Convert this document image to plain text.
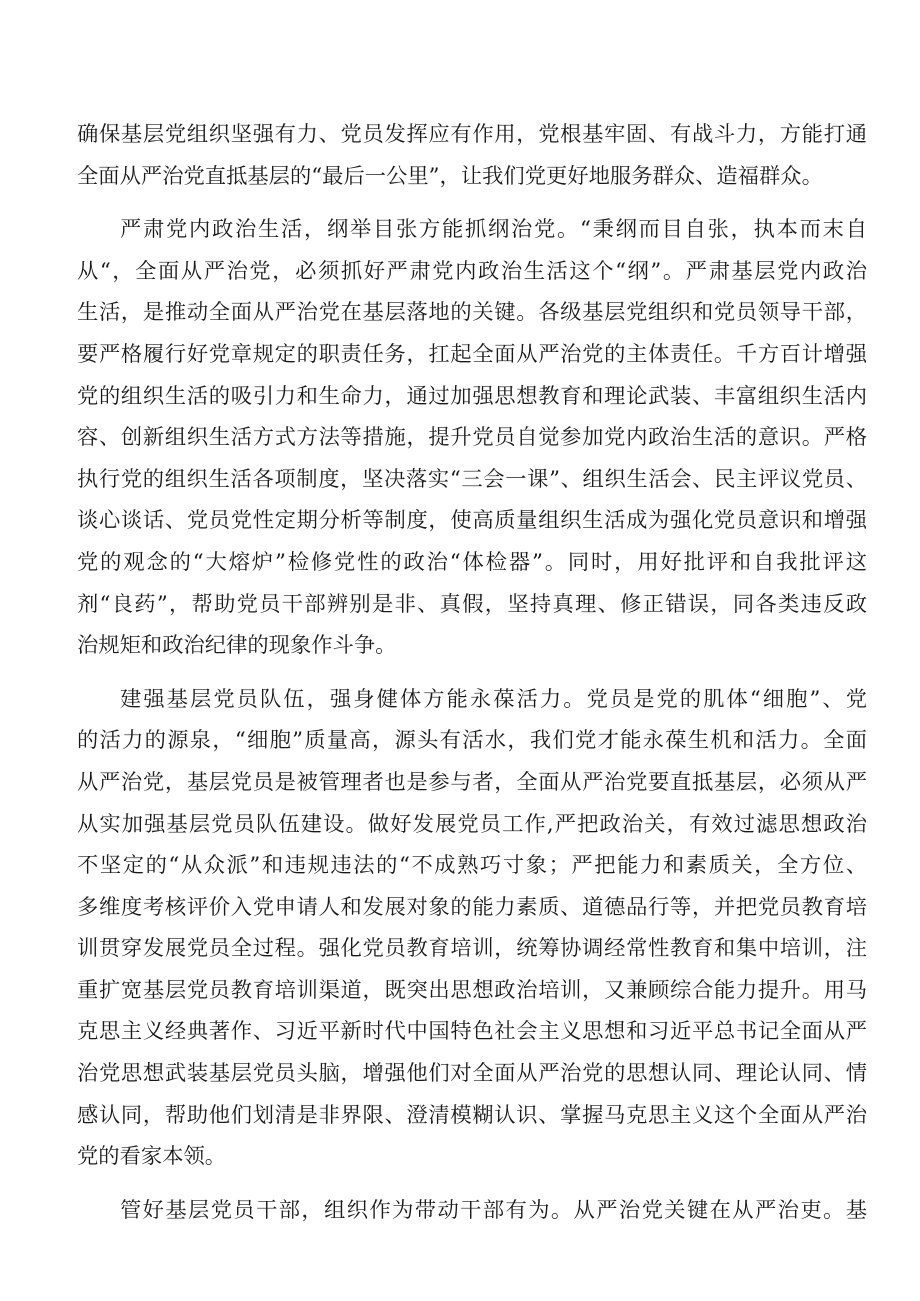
确保基层党组织坚强有力、党员发挥应有作用，党根基牢固、有战斗力，方能打通
全面从严治党直抵基层的“最后一公里”，让我们党更好地服务群众、造福群众。
严肃党内政治生活，纲举目张方能抓纲治党。“秉纲而目自张，执本而末自
从“，全面从严治党，必须抓好严肃党内政治生活这个“纲”。严肃基层党内政治
生活，是推动全面从严治党在基层落地的关键。各级基层党组织和党员领导干部，
要严格履行好党章规定的职责任务，扛起全面从严治党的主体责任。千方百计增强
党的组织生活的吸引力和生命力，通过加强思想教育和理论武装、丰富组织生活内
容、创新组织生活方式方法等措施，提升党员自觉参加党内政治生活的意识。严格
执行党的组织生活各项制度，坚决落实“三会一课”、组织生活会、民主评议党员、
谈心谈话、党员党性定期分析等制度，使高质量组织生活成为强化党员意识和增强
党的观念的“大熔炉”检修党性的政治“体检器”。同时，用好批评和自我批评这
剂“良药”，帮助党员干部辨别是非、真假，坚持真理、修正错误，同各类违反政
治规矩和政治纪律的现象作斗争。
建强基层党员队伍，强身健体方能永葆活力。党员是党的肌体“细胞”、党
的活力的源泉，“细胞”质量高，源头有活水，我们党才能永葆生机和活力。全面
从严治党，基层党员是被管理者也是参与者，全面从严治党要直抵基层，必须从严
从实加强基层党员队伍建设。做好发展党员工作,严把政治关，有效过滤思想政治
不坚定的“从众派”和违规违法的“不成熟巧寸象；严把能力和素质关，全方位、
多维度考核评价入党申请人和发展对象的能力素质、道德品行等，并把党员教育培
训贯穿发展党员全过程。强化党员教育培训，统筹协调经常性教育和集中培训，注
重扩宽基层党员教育培训渠道，既突出思想政治培训，又兼顾综合能力提升。用马
克思主义经典著作、习近平新时代中国特色社会主义思想和习近平总书记全面从严
治党思想武装基层党员头脑，增强他们对全面从严治党的思想认同、理论认同、情
感认同，帮助他们划清是非界限、澄清模糊认识、掌握马克思主义这个全面从严治
党的看家本领。
管好基层党员干部，组织作为带动干部有为。从严治党关键在从严治吏。基
